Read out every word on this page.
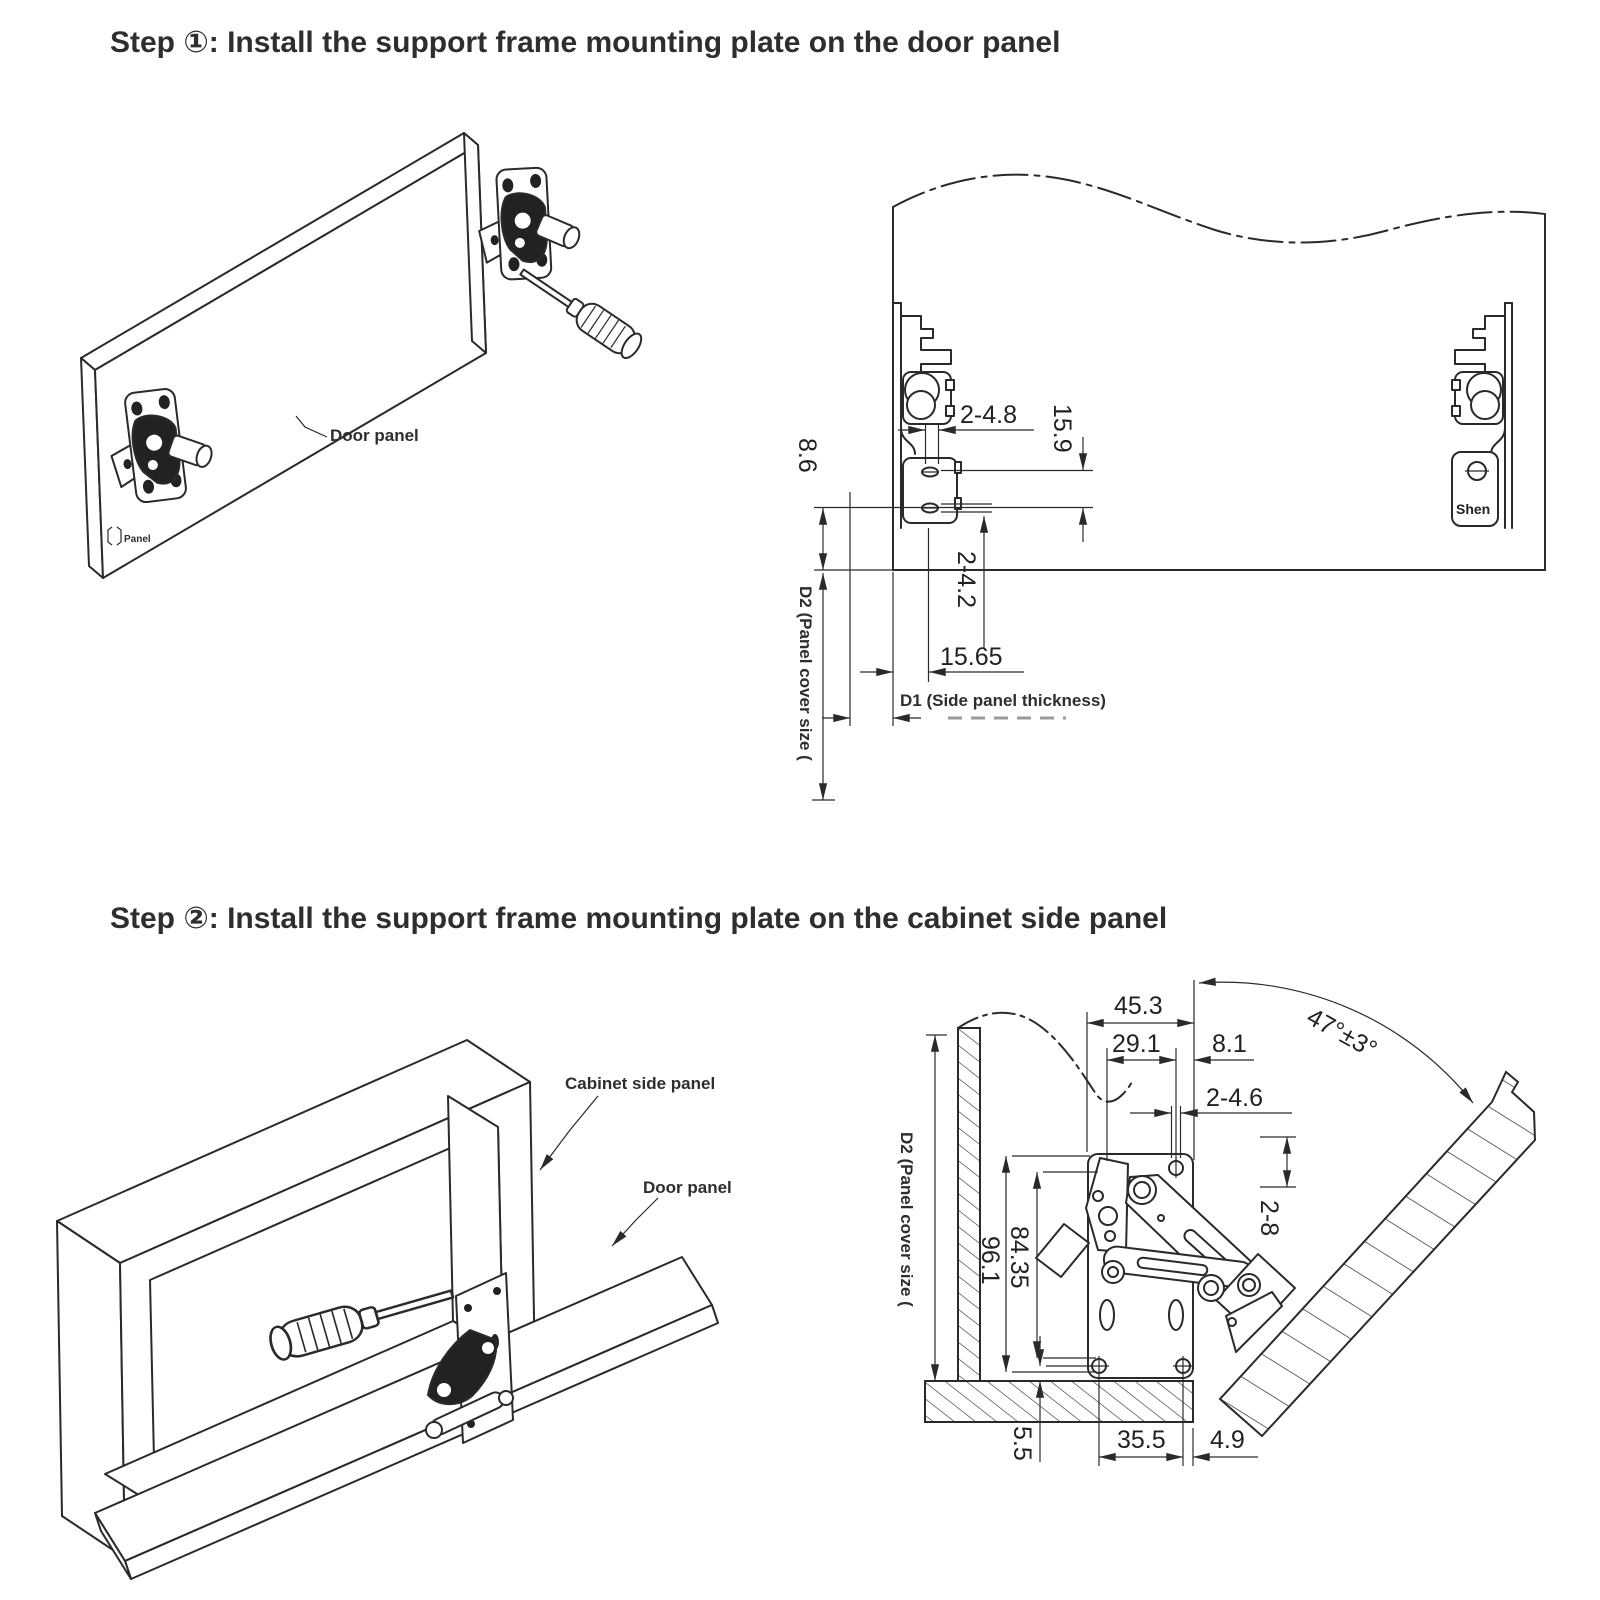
Step ①: Install the support frame mounting plate on the door panel
Door panel
Panel
Shen
2-4.8 15.9
8.6
2-4.2
15.65
D1 (Side panel thickness)
D2 (Panel cover size (
Step ②: Install the support frame mounting plate on the cabinet side panel
Cabinet side panel
Door panel
45.3
29.1 8.1
2-4.6
2-8
96.1 84.35
5.5	35.5 4.9
47°±3°
D2 (Panel cover size (
